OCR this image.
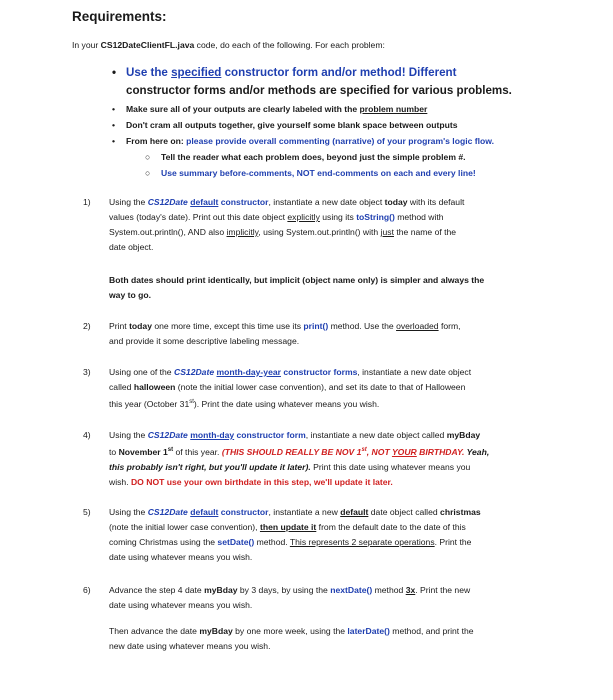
Requirements:
In your CS12DateClientFL.java code, do each of the following. For each problem:
• Use the specified constructor form and/or method! Different
constructor forms and/or methods are specified for various problems.
• Make sure all of your outputs are clearly labeled with the problem number
• Don't cram all outputs together, give yourself some blank space between outputs
• From here on: please provide overall commenting (narrative) of your program's logic flow.
○ Tell the reader what each problem does, beyond just the simple problem #.
○ Use summary before-comments, NOT end-comments on each and every line!
1) Using the CS12Date default constructor, instantiate a new date object today with its default
values (today's date). Print out this date object explicitly using its toString() method with
System.out.println(), AND also implicitly, using System.out.println() with just the name of the
date object.
Both dates should print identically, but implicit (object name only) is simpler and always the
way to go.
2) Print today one more time, except this time use its print() method. Use the overloaded form,
and provide it some descriptive labeling message.
3) Using one of the CS12Date month-day-year constructor forms, instantiate a new date object
called halloween (note the initial lower case convention), and set its date to that of Halloween
this year (October 31st). Print the date using whatever means you wish.
4) Using the CS12Date month-day constructor form, instantiate a new date object called myBday
to November 1st of this year. (THIS SHOULD REALLY BE NOV 1st, NOT YOUR BIRTHDAY. Yeah,
this probably isn't right, but you'll update it later). Print this date using whatever means you
wish. DO NOT use your own birthdate in this step, we'll update it later.
5) Using the CS12Date default constructor, instantiate a new default date object called christmas
(note the initial lower case convention), then update it from the default date to the date of this
coming Christmas using the setDate() method. This represents 2 separate operations. Print the
date using whatever means you wish.
6) Advance the step 4 date myBday by 3 days, by using the nextDate() method 3x. Print the new
date using whatever means you wish.
Then advance the date myBday by one more week, using the laterDate() method, and print the
new date using whatever means you wish.
